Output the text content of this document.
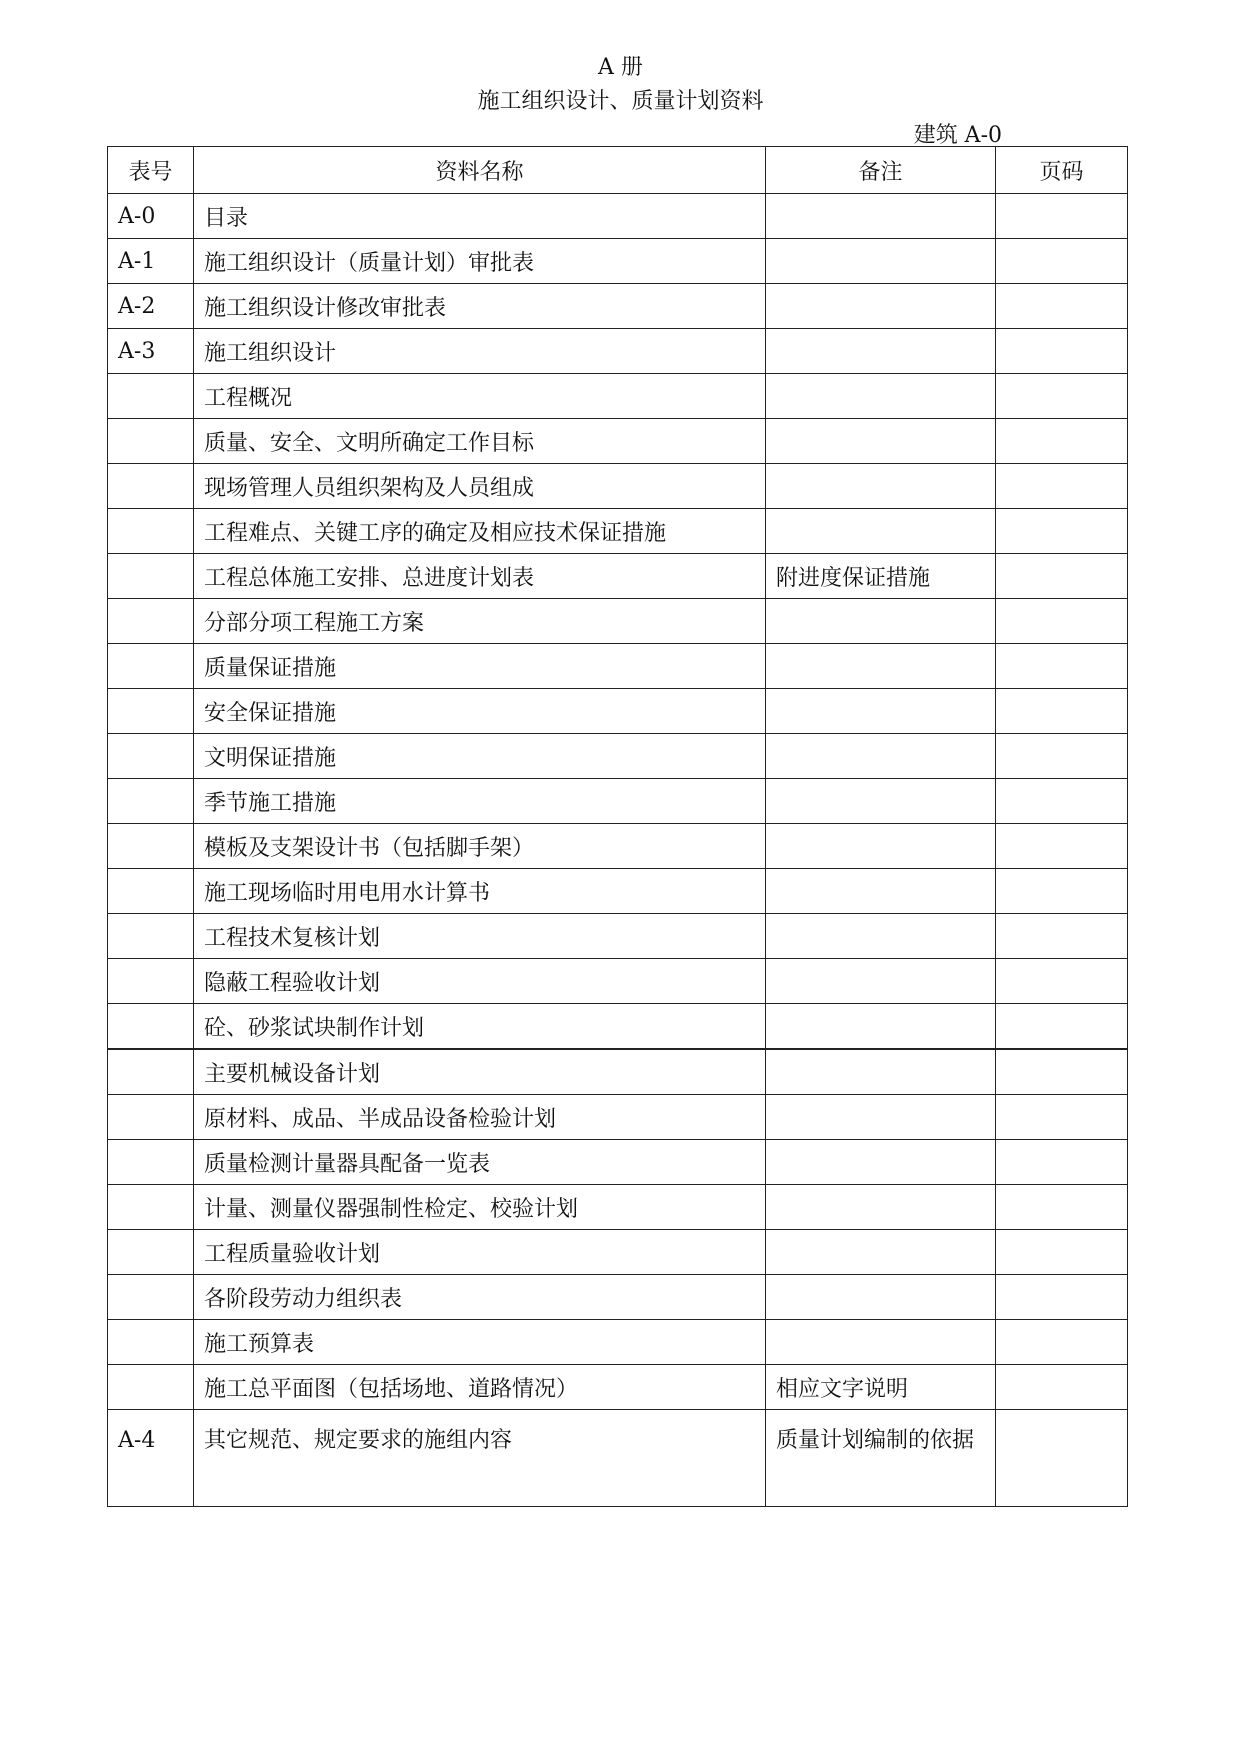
A 册
施工组织设计、质量计划资料
建筑 A-0
表号	资料名称	备注	页码
A-0	目录		
A-1	施工组织设计（质量计划）审批表		
A-2	施工组织设计修改审批表		
A-3	施工组织设计		
	工程概况		
	质量、安全、文明所确定工作目标		
	现场管理人员组织架构及人员组成		
	工程难点、关键工序的确定及相应技术保证措施		
	工程总体施工安排、总进度计划表	附进度保证措施	
	分部分项工程施工方案		
	质量保证措施		
	安全保证措施		
	文明保证措施		
	季节施工措施		
	模板及支架设计书（包括脚手架）		
	施工现场临时用电用水计算书		
	工程技术复核计划		
	隐蔽工程验收计划		
	砼、砂浆试块制作计划		
	主要机械设备计划		
	原材料、成品、半成品设备检验计划		
	质量检测计量器具配备一览表		
	计量、测量仪器强制性检定、校验计划		
	工程质量验收计划		
	各阶段劳动力组织表		
	施工预算表		
	施工总平面图（包括场地、道路情况）	相应文字说明	
A-4	其它规范、规定要求的施组内容	质量计划编制的依据	
